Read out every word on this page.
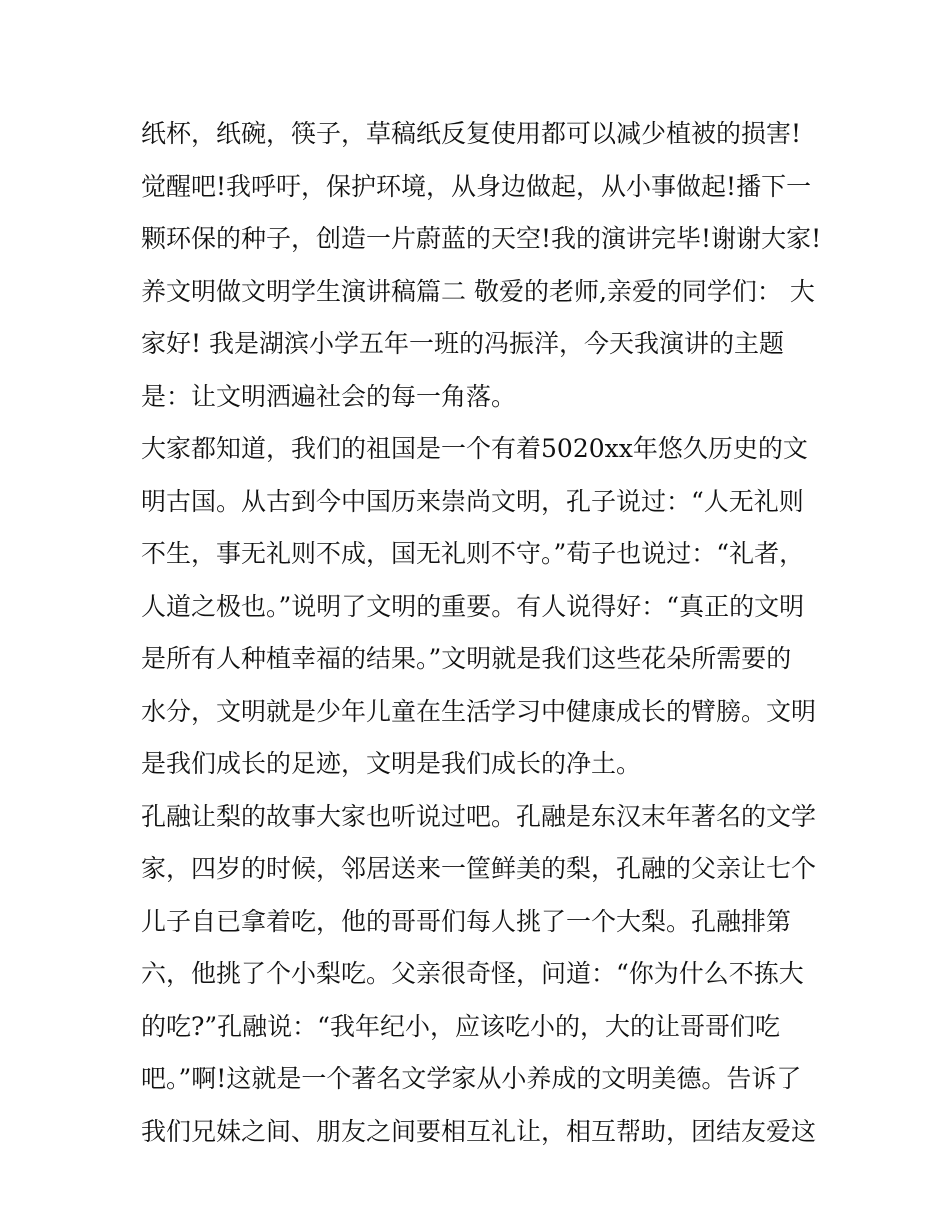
纸杯，纸碗，筷子，草稿纸反复使用都可以减少植被的损害!
觉醒吧!我呼吁，保护环境，从身边做起，从小事做起!播下一
颗环保的种子，创造一片蔚蓝的天空!我的演讲完毕!谢谢大家!
养文明做文明学生演讲稿篇二 敬爱的老师,亲爱的同学们： 大
家好! 我是湖滨小学五年一班的冯振洋，今天我演讲的主题
是：让文明洒遍社会的每一角落。
大家都知道，我们的祖国是一个有着5020xx年悠久历史的文
明古国。从古到今中国历来崇尚文明，孔子说过：“人无礼则
不生，事无礼则不成，国无礼则不守。”荀子也说过：“礼者，
人道之极也。”说明了文明的重要。有人说得好：“真正的文明
是所有人种植幸福的结果。”文明就是我们这些花朵所需要的
水分，文明就是少年儿童在生活学习中健康成长的臂膀。文明
是我们成长的足迹，文明是我们成长的净土。
孔融让梨的故事大家也听说过吧。孔融是东汉末年著名的文学
家，四岁的时候，邻居送来一筐鲜美的梨，孔融的父亲让七个
儿子自已拿着吃，他的哥哥们每人挑了一个大梨。孔融排第
六，他挑了个小梨吃。父亲很奇怪，问道：“你为什么不拣大
的吃?”孔融说：“我年纪小，应该吃小的，大的让哥哥们吃
吧。”啊!这就是一个著名文学家从小养成的文明美德。告诉了
我们兄妹之间、朋友之间要相互礼让，相互帮助，团结友爱这
